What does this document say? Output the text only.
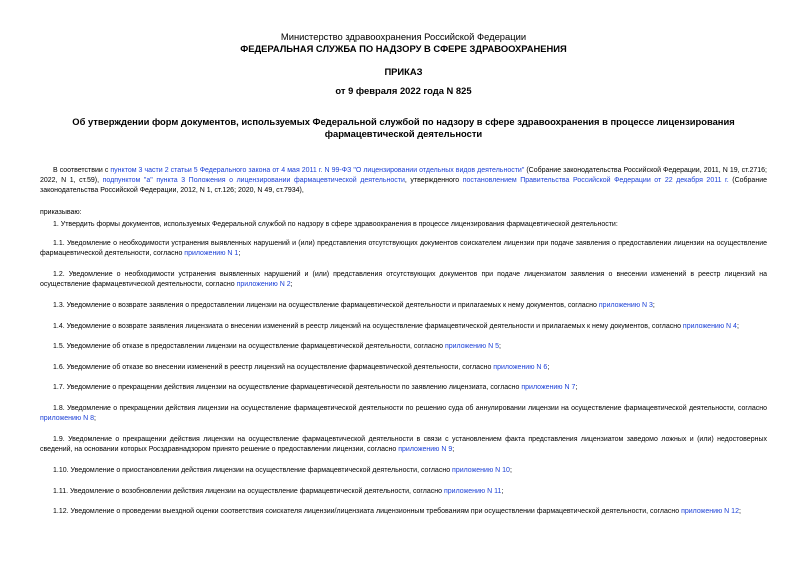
Министерство здравоохранения Российской Федерации
ФЕДЕРАЛЬНАЯ СЛУЖБА ПО НАДЗОРУ В СФЕРЕ ЗДРАВООХРАНЕНИЯ
ПРИКАЗ
от 9 февраля 2022 года N 825
Об утверждении форм документов, используемых Федеральной службой по надзору в сфере здравоохранения в процессе лицензирования фармацевтической деятельности
В соответствии с пунктом 3 части 2 статьи 5 Федерального закона от 4 мая 2011 г. N 99-ФЗ "О лицензировании отдельных видов деятельности" (Собрание законодательства Российской Федерации, 2011, N 19, ст.2716; 2022, N 1, ст.59), подпунктом "а" пункта 3 Положения о лицензировании фармацевтической деятельности, утвержденного постановлением Правительства Российской Федерации от 22 декабря 2011 г. (Собрание законодательства Российской Федерации, 2012, N 1, ст.126; 2020, N 49, ст.7934),
приказываю:
1. Утвердить формы документов, используемых Федеральной службой по надзору в сфере здравоохранения в процессе лицензирования фармацевтической деятельности:
1.1. Уведомление о необходимости устранения выявленных нарушений и (или) представления отсутствующих документов соискателем лицензии при подаче заявления о предоставлении лицензии на осуществление фармацевтической деятельности, согласно приложению N 1;
1.2. Уведомление о необходимости устранения выявленных нарушений и (или) представления отсутствующих документов при подаче лицензиатом заявления о внесении изменений в реестр лицензий на осуществление фармацевтической деятельности, согласно приложению N 2;
1.3. Уведомление о возврате заявления о предоставлении лицензии на осуществление фармацевтической деятельности и прилагаемых к нему документов, согласно приложению N 3;
1.4. Уведомление о возврате заявления лицензиата о внесении изменений в реестр лицензий на осуществление фармацевтической деятельности и прилагаемых к нему документов, согласно приложению N 4;
1.5. Уведомление об отказе в предоставлении лицензии на осуществление фармацевтической деятельности, согласно приложению N 5;
1.6. Уведомление об отказе во внесении изменений в реестр лицензий на осуществление фармацевтической деятельности, согласно приложению N 6;
1.7. Уведомление о прекращении действия лицензии на осуществление фармацевтической деятельности по заявлению лицензиата, согласно приложению N 7;
1.8. Уведомление о прекращении действия лицензии на осуществление фармацевтической деятельности по решению суда об аннулировании лицензии на осуществление фармацевтической деятельности, согласно приложению N 8;
1.9. Уведомление о прекращении действия лицензии на осуществление фармацевтической деятельности в связи с установлением факта представления лицензиатом заведомо ложных и (или) недостоверных сведений, на основании которых Росздравнадзором принято решение о предоставлении лицензии, согласно приложению N 9;
1.10. Уведомление о приостановлении действия лицензии на осуществление фармацевтической деятельности, согласно приложению N 10;
1.11. Уведомление о возобновлении действия лицензии на осуществление фармацевтической деятельности, согласно приложению N 11;
1.12. Уведомление о проведении выездной оценки соответствия соискателя лицензии/лицензиата лицензионным требованиям при осуществлении фармацевтической деятельности, согласно приложению N 12;
